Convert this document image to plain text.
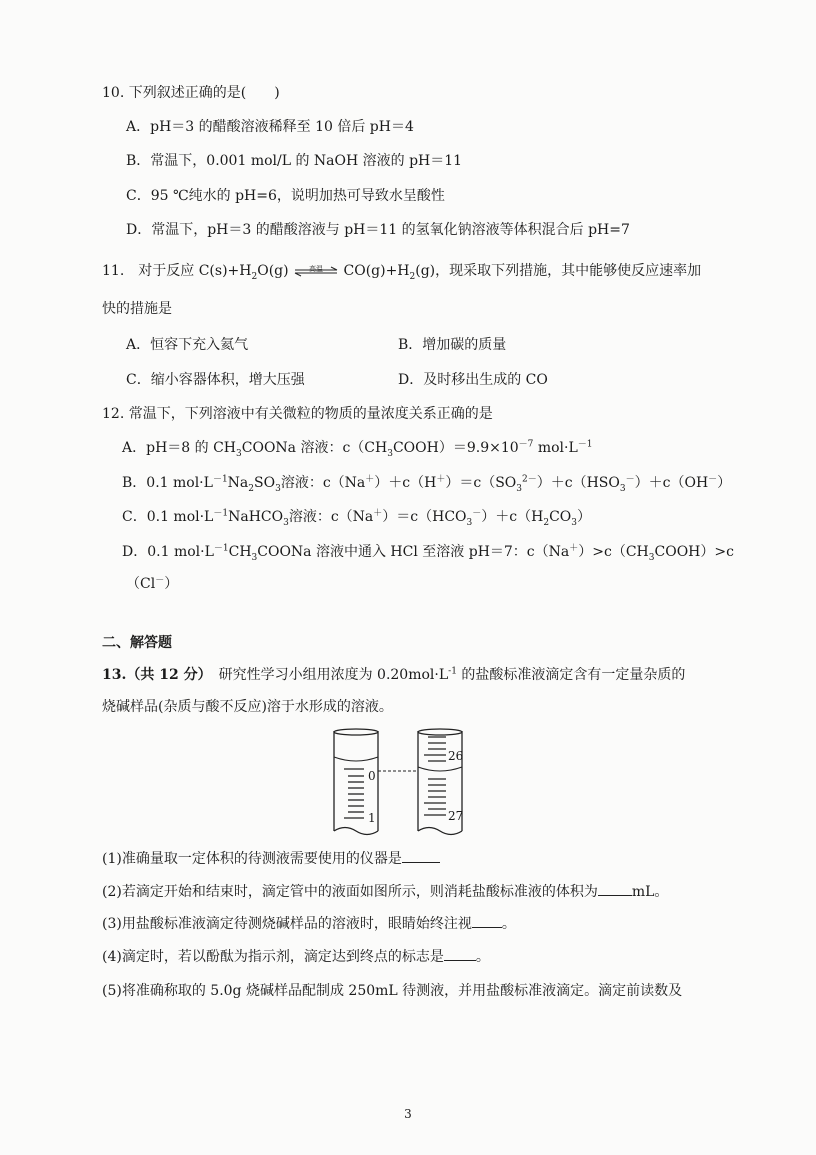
10. 下列叙述正确的是( )
A．pH＝3 的醋酸溶液稀释至 10 倍后 pH＝4
B．常温下，0.001 mol/L 的 NaOH 溶液的 pH＝11
C．95 ℃纯水的 pH=6，说明加热可导致水呈酸性
D．常温下，pH＝3 的醋酸溶液与 pH＝11 的氢氧化钠溶液等体积混合后 pH=7
11.　对于反应 $C(s)+H_2O(g)$	高温	$CO(g)+H_2(g)$，现采取下列措施，其中能够使反应速率加
快的措施是
A．恒容下充入氦气	B．增加碳的质量
C．缩小容器体积，增大压强	D．及时移出生成的 CO
12. 常温下，下列溶液中有关微粒的物质的量浓度关系正确的是
A．pH＝8 的 $CH_3COONa$ 溶液：$c(CH_3COOH)=9.9\times 10^{-7}$ $mol\cdot L^{-1}$
B．0.1 $mol\cdot L^{-1}Na_2SO_3$溶液：$c(Na^+)+c(H^+)=c(SO_3^{2-})+c(HSO_3^-)+c(OH^-)$
C．0.1 $mol\cdot L^{-1}NaHCO_3$溶液：$c(Na^+)=c(HCO_3^-)+c(H_2CO_3)$
D．0.1 $mol\cdot L^{-1}CH_3COONa$ 溶液中通入 HCl 至溶液 pH＝7：$c(Na^+)>c(CH_3COOH)>c$
（Cl－）
二、解答题
13.（共 12 分）　研究性学习小组用浓度为 $0.20mol\cdot L^{-1}$ 的盐酸标准液滴定含有一定量杂质的
烧碱样品(杂质与酸不反应)溶于水形成的溶液。
0
1
26
27
(1)准确量取一定体积的待测液需要使用的仪器是
(2)若滴定开始和结束时，滴定管中的液面如图所示，则消耗盐酸标准液的体积为 mL。
(3)用盐酸标准液滴定待测烧碱样品的溶液时，眼睛始终注视 。
(4)滴定时，若以酚酞为指示剂，滴定达到终点的标志是 。
(5)将准确称取的 5.0g 烧碱样品配制成 250mL 待测液，并用盐酸标准液滴定。滴定前读数及
3
